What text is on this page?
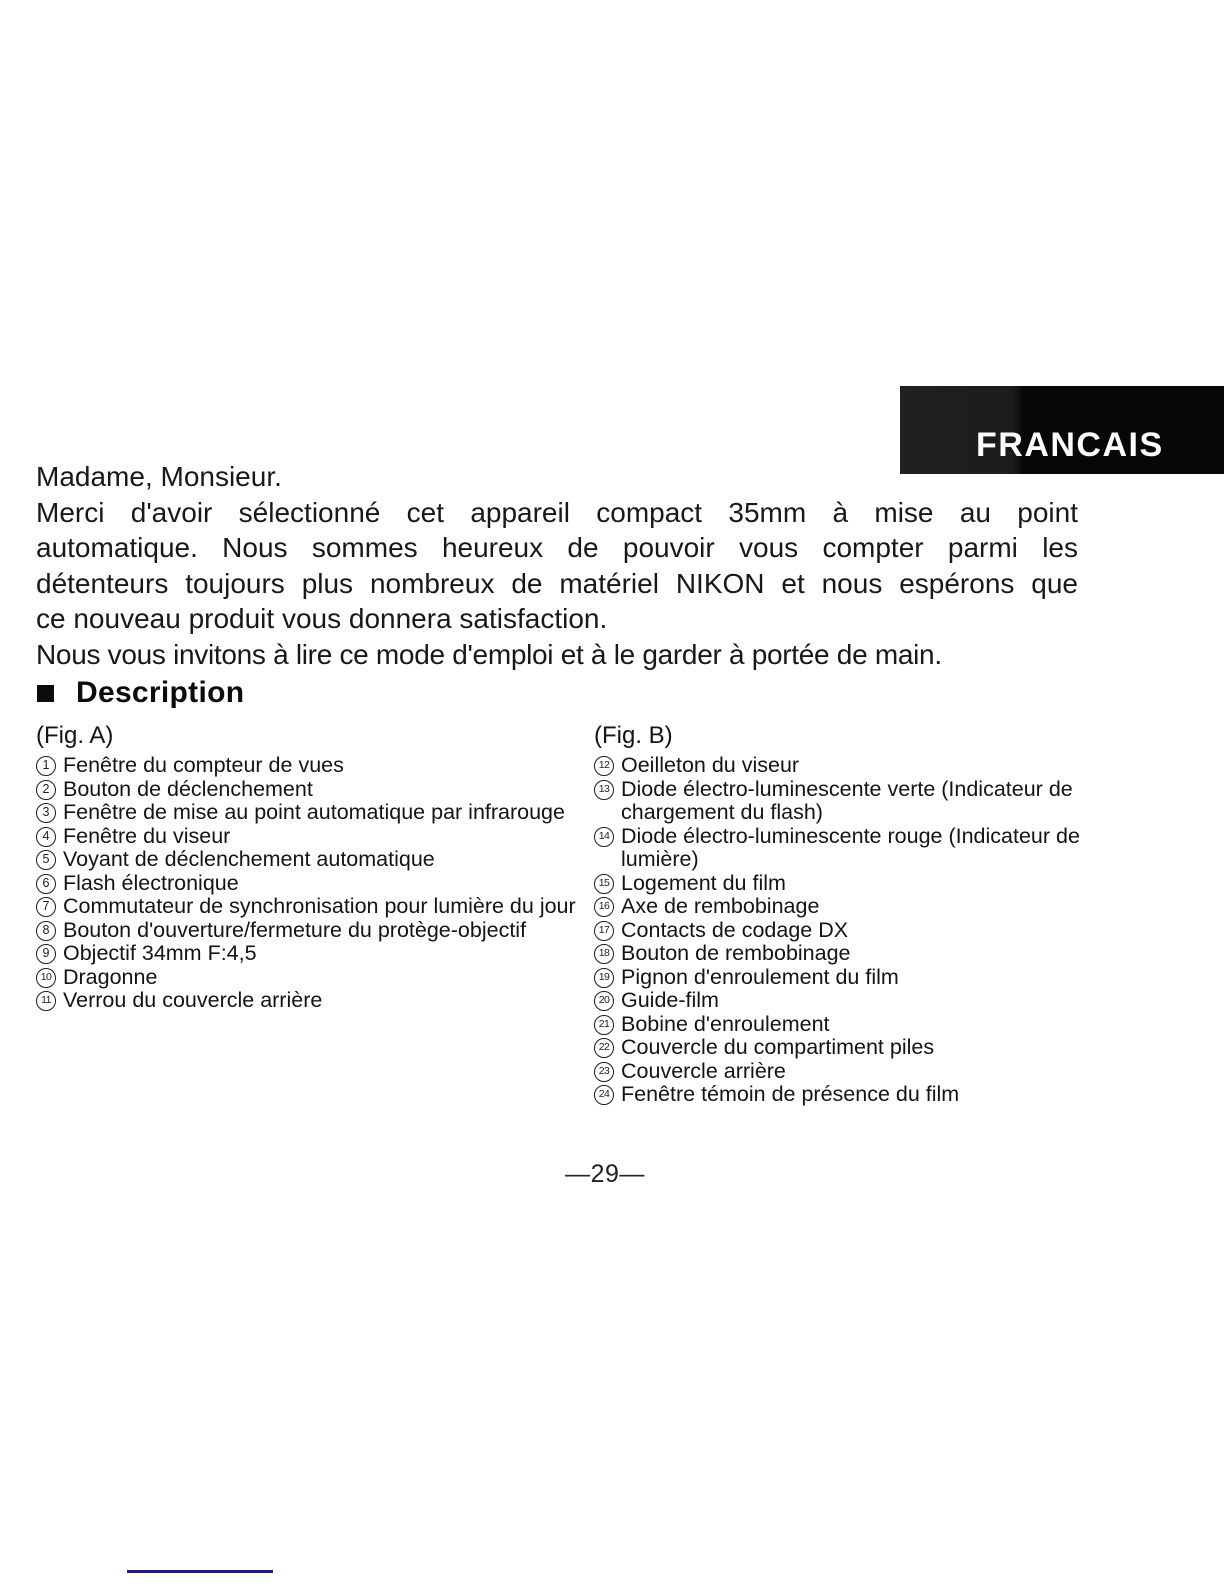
FRANCAIS
Madame, Monsieur.
Merci d'avoir sélectionné cet appareil compact 35mm à mise au point
automatique. Nous sommes heureux de pouvoir vous compter parmi les
détenteurs toujours plus nombreux de matériel NIKON et nous espérons que
ce nouveau produit vous donnera satisfaction.
Nous vous invitons à lire ce mode d'emploi et à le garder à portée de main.
Description
(Fig. A)
1 Fenêtre du compteur de vues
2 Bouton de déclenchement
3 Fenêtre de mise au point automatique par infrarouge
4 Fenêtre du viseur
5 Voyant de déclenchement automatique
6 Flash électronique
7 Commutateur de synchronisation pour lumière du jour
8 Bouton d'ouverture/fermeture du protège-objectif
9 Objectif 34mm F:4,5
10 Dragonne
11 Verrou du couvercle arrière
(Fig. B)
12 Oeilleton du viseur
13 Diode électro-luminescente verte (Indicateur de chargement du flash)
14 Diode électro-luminescente rouge (Indicateur de lumière)
15 Logement du film
16 Axe de rembobinage
17 Contacts de codage DX
18 Bouton de rembobinage
19 Pignon d'enroulement du film
20 Guide-film
21 Bobine d'enroulement
22 Couvercle du compartiment piles
23 Couvercle arrière
24 Fenêtre témoin de présence du film
—29—
